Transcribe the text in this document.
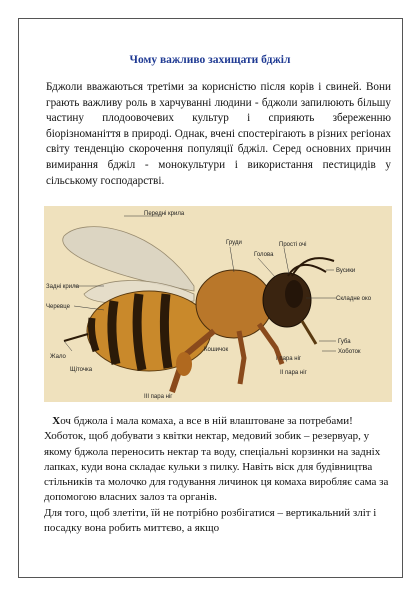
Чому важливо захищати бджіл

Бджоли вважаються третіми за корисністю після корів і свиней. Вони грають важливу роль в харчуванні людини - бджоли запилюють більшу частину плодоовочевих культур і сприяють збереженню біорізноманіття в природі. Однак, вчені спостерігають в різних регіонах світу тенденцію скорочення популяції бджіл. Серед основних причин вимирання бджіл - монокультури і використання пестицидів у сільському господарстві.

Передні крила
Груди
Голова
Прості очі
Вусики
Складне око
Задні крила
Черевце
Губа
Хоботок
Жало
Щіточка
Кошичок
I пара ніг
II пара ніг
III пара ніг

Хоч бджола і мала комаха, а все в ній влаштоване за потребами! Хоботок, щоб добувати з квітки нектар, медовий зобик – резервуар, у якому бджола переносить нектар та воду, спеціальні корзинки на задніх лапках, куди вона складає кульки з пилку. Навіть віск для будівництва стільників та молочко для годування личинок ця комаха виробляє сама за допомогою власних залоз та органів.
Для того, щоб злетіти, їй не потрібно розбігатися – вертикальний зліт і посадку вона робить миттєво, а якщо
